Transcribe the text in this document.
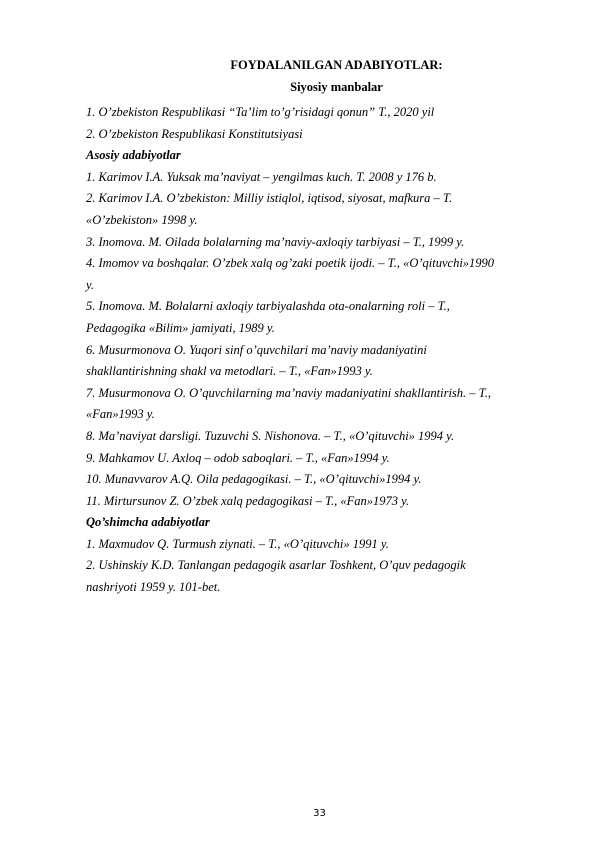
FOYDALANILGAN ADABIYOTLAR:
Siyosiy manbalar
1. O’zbekiston Respublikasi “Ta’lim to’g’risidagi qonun” T., 2020 yil
2. O’zbekiston Respublikasi Konstitutsiyasi
Asosiy adabiyotlar
1. Karimov I.A. Yuksak ma’naviyat – yengilmas kuch. T. 2008 y 176 b.
2. Karimov I.A. O’zbekiston: Milliy istiqlol, iqtisod, siyosat, mafkura – T.
«O’zbekiston» 1998 y.
3. Inomova. M. Oilada bolalarning ma’naviy-axloqiy tarbiyasi – T., 1999 y.
4. Imomov va boshqalar. O’zbek xalq og’zaki poetik ijodi. – T., «O’qituvchi»1990
y.
5. Inomova. M. Bolalarni axloqiy tarbiyalashda ota-onalarning roli – T.,
Pedagogika «Bilim» jamiyati, 1989 y.
6. Musurmonova O. Yuqori sinf o’quvchilari ma’naviy madaniyatini
shakllantirishning shakl va metodlari. – T., «Fan»1993 y.
7. Musurmonova O. O’quvchilarning ma’naviy madaniyatini shakllantirish. – T.,
«Fan»1993 y.
8. Ma’naviyat darsligi. Tuzuvchi S. Nishonova. – T., «O’qituvchi» 1994 y.
9. Mahkamov U. Axloq – odob saboqlari. – T., «Fan»1994 y.
10. Munavvarov A.Q. Oila pedagogikasi. – T., «O’qituvchi»1994 y.
11. Mirtursunov Z. O’zbek xalq pedagogikasi – T., «Fan»1973 y.
Qo’shimcha adabiyotlar
1. Maxmudov Q. Turmush ziynati. – T., «O’qituvchi» 1991 y.
2. Ushinskiy K.D. Tanlangan pedagogik asarlar Toshkent, O’quv pedagogik
nashriyoti 1959 y. 101-bet.
33
